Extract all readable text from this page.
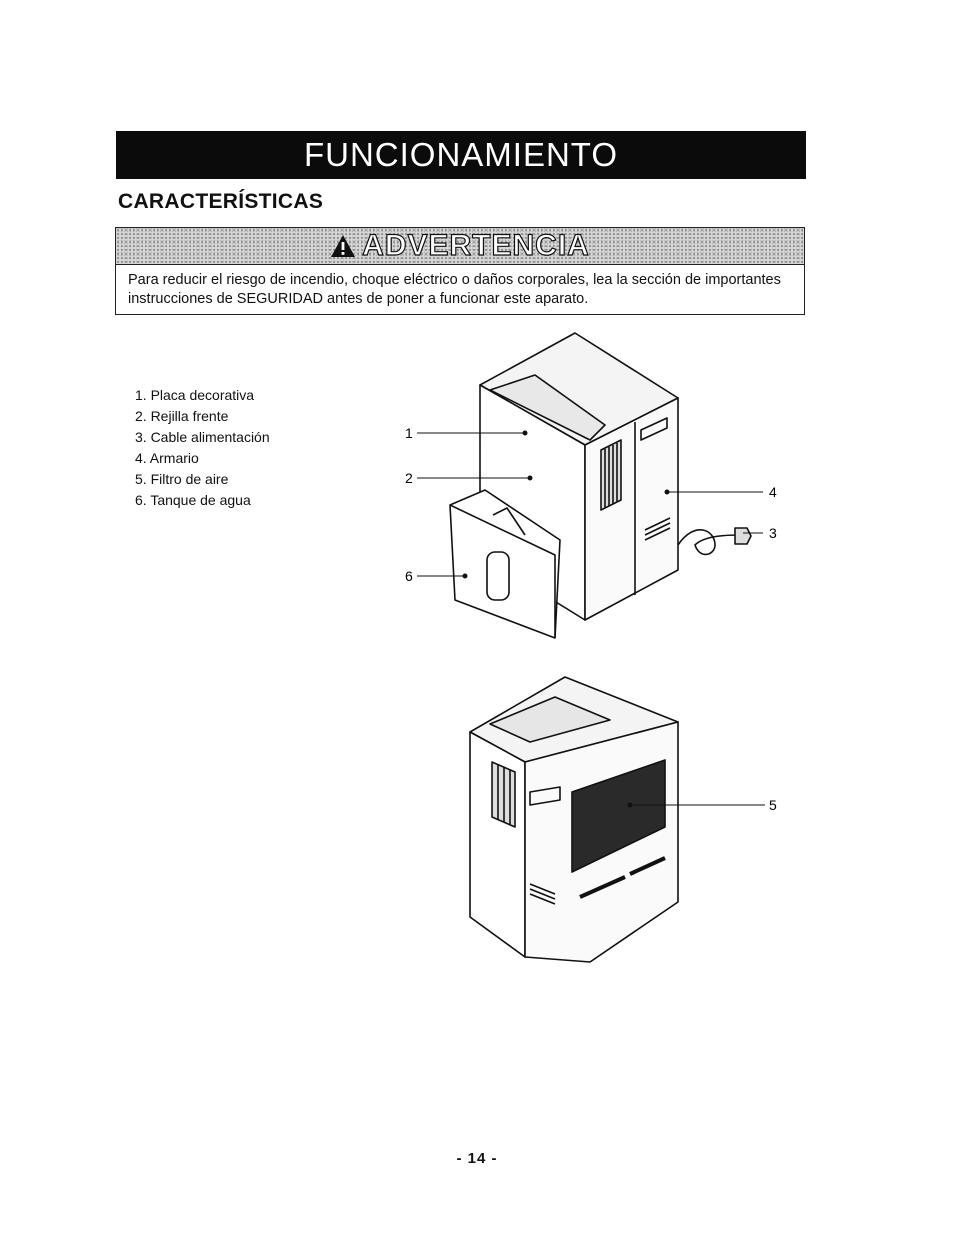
FUNCIONAMIENTO
CARACTERÍSTICAS
ADVERTENCIA
Para reducir el riesgo de incendio, choque eléctrico o daños corporales, lea la sección de importantes instrucciones de SEGURIDAD antes de poner a funcionar este aparato.
1. Placa decorativa
2. Rejilla frente
3. Cable alimentación
4. Armario
5. Filtro de aire
6. Tanque de agua
1
2
4
3
6
5
- 14 -
